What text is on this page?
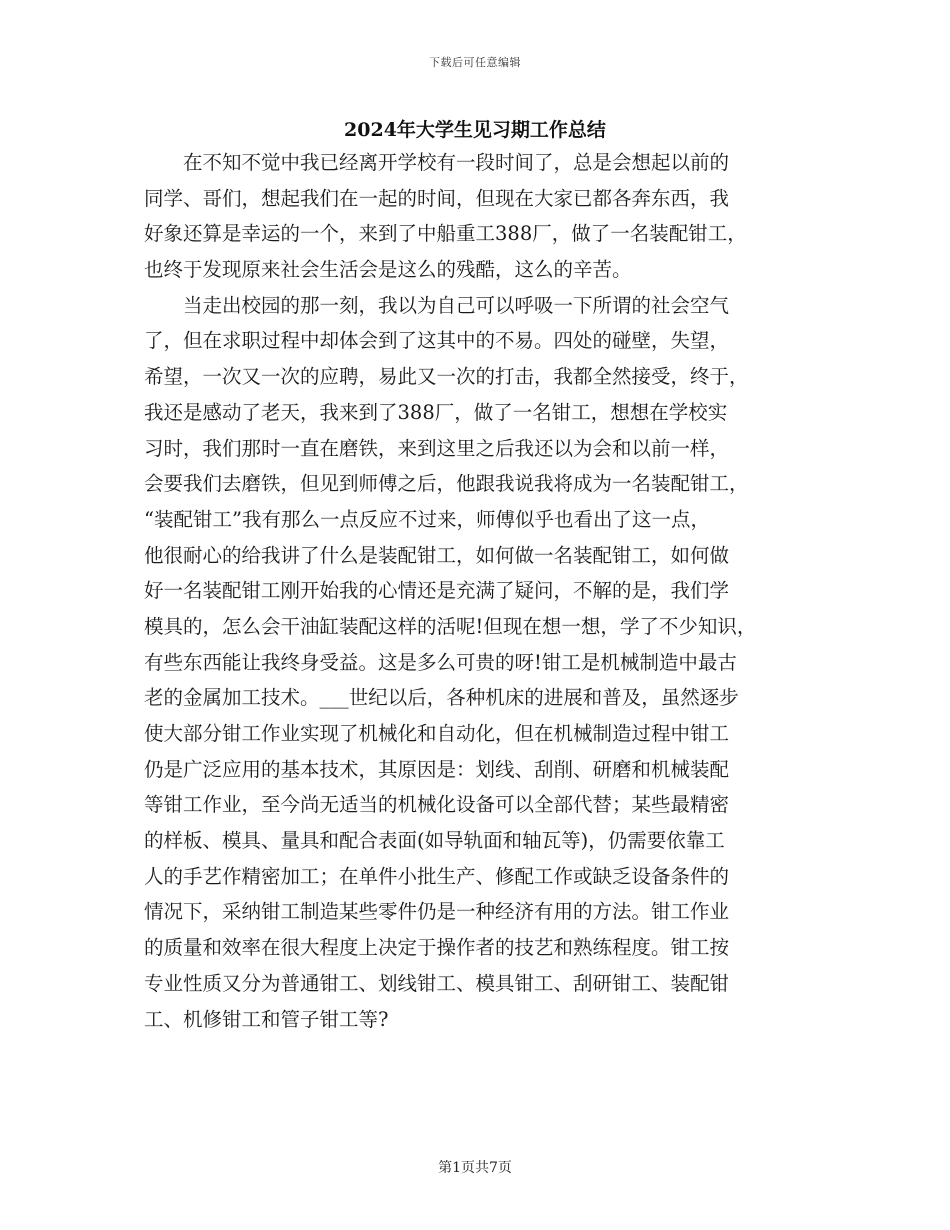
下载后可任意编辑
2024年大学生见习期工作总结
　　在不知不觉中我已经离开学校有一段时间了，总是会想起以前的
同学、哥们，想起我们在一起的时间，但现在大家已都各奔东西，我
好象还算是幸运的一个，来到了中船重工388厂，做了一名装配钳工，
也终于发现原来社会生活会是这么的残酷，这么的辛苦。
　　当走出校园的那一刻，我以为自己可以呼吸一下所谓的社会空气
了，但在求职过程中却体会到了这其中的不易。四处的碰壁，失望，
希望，一次又一次的应聘，易此又一次的打击，我都全然接受，终于，
我还是感动了老天，我来到了388厂，做了一名钳工，想想在学校实
习时，我们那时一直在磨铁，来到这里之后我还以为会和以前一样，
会要我们去磨铁，但见到师傅之后，他跟我说我将成为一名装配钳工，
“装配钳工”我有那么一点反应不过来，师傅似乎也看出了这一点，
他很耐心的给我讲了什么是装配钳工，如何做一名装配钳工，如何做
好一名装配钳工刚开始我的心情还是充满了疑问，不解的是，我们学
模具的，怎么会干油缸装配这样的活呢!但现在想一想，学了不少知识，
有些东西能让我终身受益。这是多么可贵的呀!钳工是机械制造中最古
老的金属加工技术。___世纪以后，各种机床的进展和普及，虽然逐步
使大部分钳工作业实现了机械化和自动化，但在机械制造过程中钳工
仍是广泛应用的基本技术，其原因是：划线、刮削、研磨和机械装配
等钳工作业，至今尚无适当的机械化设备可以全部代替；某些最精密
的样板、模具、量具和配合表面(如导轨面和轴瓦等)，仍需要依靠工
人的手艺作精密加工；在单件小批生产、修配工作或缺乏设备条件的
情况下，采纳钳工制造某些零件仍是一种经济有用的方法。钳工作业
的质量和效率在很大程度上决定于操作者的技艺和熟练程度。钳工按
专业性质又分为普通钳工、划线钳工、模具钳工、刮研钳工、装配钳
工、机修钳工和管子钳工等?
第1页共7页
